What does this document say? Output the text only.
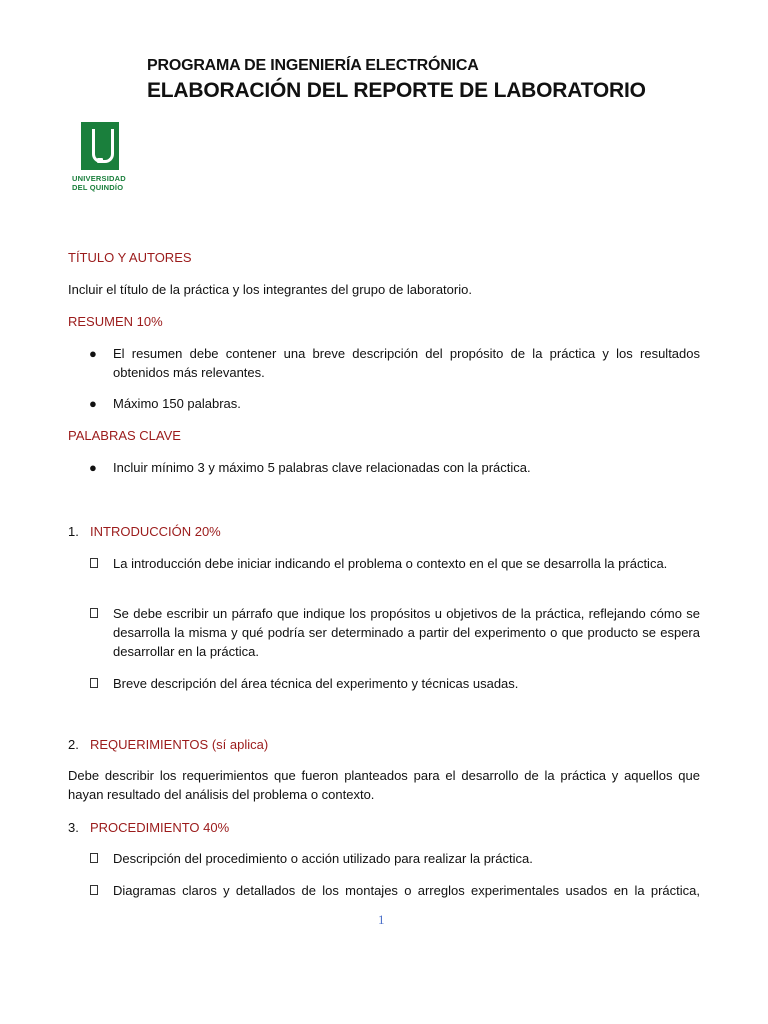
PROGRAMA DE INGENIERÍA ELECTRÓNICA
ELABORACIÓN DEL REPORTE DE LABORATORIO
UNIVERSIDAD
DEL QUINDÍO
TÍTULO Y AUTORES
Incluir el título de la práctica y los integrantes del grupo de laboratorio.
RESUMEN 10%
● El resumen debe contener una breve descripción del propósito de la práctica y los resultados obtenidos más relevantes.
● Máximo 150 palabras.
PALABRAS CLAVE
● Incluir mínimo 3 y máximo 5 palabras clave relacionadas con la práctica.
1. INTRODUCCIÓN 20%
La introducción debe iniciar indicando el problema o contexto en el que se desarrolla la práctica.
Se debe escribir un párrafo que indique los propósitos u objetivos de la práctica, reflejando cómo se desarrolla la misma y qué podría ser determinado a partir del experimento o que producto se espera desarrollar en la práctica.
Breve descripción del área técnica del experimento y técnicas usadas.
2. REQUERIMIENTOS (sí aplica)
Debe describir los requerimientos que fueron planteados para el desarrollo de la práctica y aquellos que hayan resultado del análisis del problema o contexto.
3. PROCEDIMIENTO 40%
Descripción del procedimiento o acción utilizado para realizar la práctica.
Diagramas claros y detallados de los montajes o arreglos experimentales usados en la práctica,
1
